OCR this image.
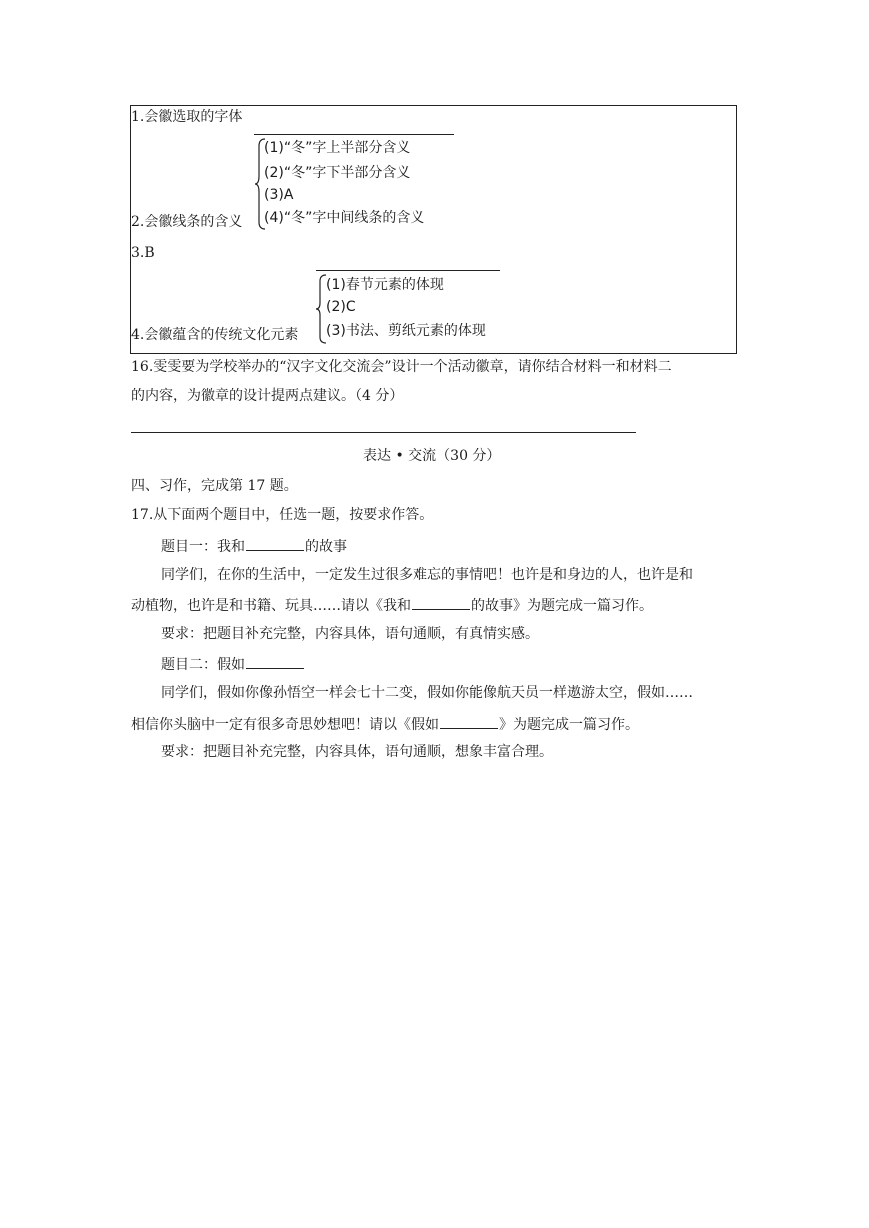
1.会徽选取的字体
(1)“冬”字上半部分含义
(2)“冬”字下半部分含义
(3)A
(4)“冬”字中间线条的含义
2.会徽线条的含义
3.B
(1)春节元素的体现
(2)C
(3)书法、剪纸元素的体现
4.会徽蕴含的传统文化元素
16.雯雯要为学校举办的“汉字文化交流会”设计一个活动徽章，请你结合材料一和材料二
的内容，为徽章的设计提两点建议。（4 分）
表达 • 交流（30 分）
四、习作，完成第 17 题。
17.从下面两个题目中，任选一题，按要求作答。
题目一：我和	的故事
同学们，在你的生活中，一定发生过很多难忘的事情吧！也许是和身边的人，也许是和
动植物，也许是和书籍、玩具……请以《我和	的故事》为题完成一篇习作。
要求：把题目补充完整，内容具体，语句通顺，有真情实感。
题目二：假如
同学们，假如你像孙悟空一样会七十二变，假如你能像航天员一样遨游太空，假如……
相信你头脑中一定有很多奇思妙想吧！请以《假如	》为题完成一篇习作。
要求：把题目补充完整，内容具体，语句通顺，想象丰富合理。
